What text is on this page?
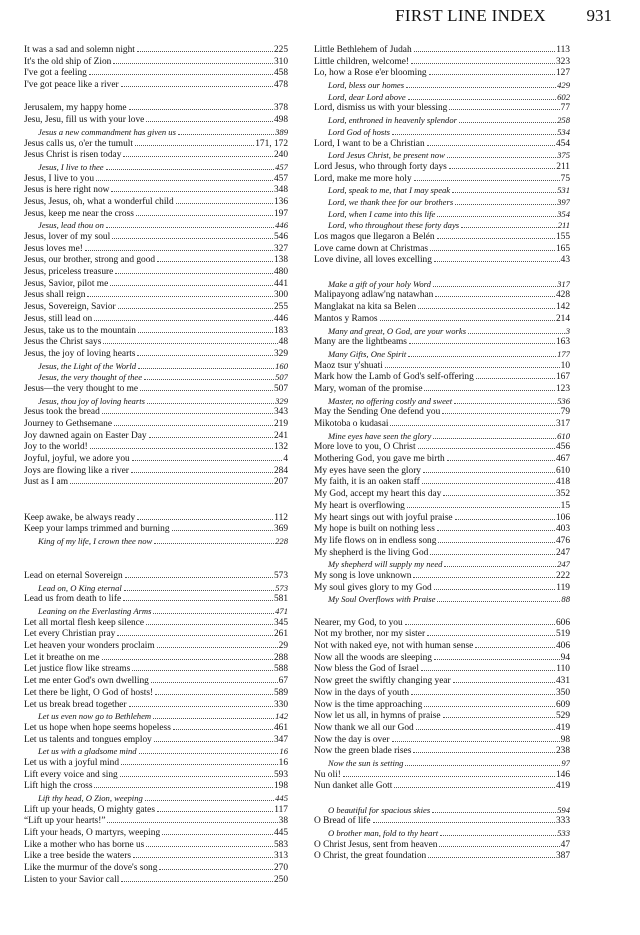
FIRST LINE INDEX 931
It was a sad and solemn night	225
It's the old ship of Zion	310
I've got a feeling	458
I've got peace like a river	478
Jerusalem, my happy home	378
Jesu, Jesu, fill us with your love	498
Jesus a new commandment has given us	389
Jesus calls us, o'er the tumult	171, 172
Jesus Christ is risen today	240
Jesus, I live to thee	457
Jesus, I live to you	457
Jesus is here right now	348
Jesus, Jesus, oh, what a wonderful child	136
Jesus, keep me near the cross	197
Jesus, lead thou on	446
Jesus, lover of my soul	546
Jesus loves me!	327
Jesus, our brother, strong and good	138
Jesus, priceless treasure	480
Jesus, Savior, pilot me	441
Jesus shall reign	300
Jesus, Sovereign, Savior	255
Jesus, still lead on	446
Jesus, take us to the mountain	183
Jesus the Christ says	48
Jesus, the joy of loving hearts	329
Jesus, the Light of the World	160
Jesus, the very thought of thee	507
Jesus—the very thought to me	507
Jesus, thou joy of loving hearts	329
Jesus took the bread	343
Journey to Gethsemane	219
Joy dawned again on Easter Day	241
Joy to the world!	132
Joyful, joyful, we adore you	4
Joys are flowing like a river	284
Just as I am	207
Keep awake, be always ready	112
Keep your lamps trimmed and burning	369
King of my life, I crown thee now	228
Lead on eternal Sovereign	573
Lead on, O King eternal	573
Lead us from death to life	581
Leaning on the Everlasting Arms	471
Let all mortal flesh keep silence	345
Let every Christian pray	261
Let heaven your wonders proclaim	29
Let it breathe on me	288
Let justice flow like streams	588
Let me enter God's own dwelling	67
Let there be light, O God of hosts!	589
Let us break bread together	330
Let us even now go to Bethlehem	142
Let us hope when hope seems hopeless	461
Let us talents and tongues employ	347
Let us with a gladsome mind	16
Let us with a joyful mind	16
Lift every voice and sing	593
Lift high the cross	198
Lift thy head, O Zion, weeping	445
Lift up your heads, O mighty gates	117
“Lift up your hearts!”	38
Lift your heads, O martyrs, weeping	445
Like a mother who has borne us	583
Like a tree beside the waters	313
Like the murmur of the dove's song	270
Listen to your Savior call	250
Little Bethlehem of Judah	113
Little children, welcome!	323
Lo, how a Rose e'er blooming	127
Lord, bless our homes	429
Lord, dear Lord above	602
Lord, dismiss us with your blessing	77
Lord, enthroned in heavenly splendor	258
Lord God of hosts	534
Lord, I want to be a Christian	454
Lord Jesus Christ, be present now	375
Lord Jesus, who through forty days	211
Lord, make me more holy	75
Lord, speak to me, that I may speak	531
Lord, we thank thee for our brothers	397
Lord, when I came into this life	354
Lord, who throughout these forty days	211
Los magos que llegaron a Belén	155
Love came down at Christmas	165
Love divine, all loves excelling	43
Make a gift of your holy Word	317
Malipayong adlaw'ng natawhan	428
Manglakat na kita sa Belen	142
Mantos y Ramos	214
Many and great, O God, are your works	3
Many are the lightbeams	163
Many Gifts, One Spirit	177
Maoz tsur y'shuati	10
Mark how the Lamb of God's self-offering	167
Mary, woman of the promise	123
Master, no offering costly and sweet	536
May the Sending One defend you	79
Mikotoba o kudasai	317
Mine eyes have seen the glory	610
More love to you, O Christ	456
Mothering God, you gave me birth	467
My eyes have seen the glory	610
My faith, it is an oaken staff	418
My God, accept my heart this day	352
My heart is overflowing	15
My heart sings out with joyful praise	106
My hope is built on nothing less	403
My life flows on in endless song	476
My shepherd is the living God	247
My shepherd will supply my need	247
My song is love unknown	222
My soul gives glory to my God	119
My Soul Overflows with Praise	88
Nearer, my God, to you	606
Not my brother, nor my sister	519
Not with naked eye, not with human sense	406
Now all the woods are sleeping	94
Now bless the God of Israel	110
Now greet the swiftly changing year	431
Now in the days of youth	350
Now is the time approaching	609
Now let us all, in hymns of praise	529
Now thank we all our God	419
Now the day is over	98
Now the green blade rises	238
Now the sun is setting	97
Nu oli!	146
Nun danket alle Gott	419
O beautiful for spacious skies	594
O Bread of life	333
O brother man, fold to thy heart	533
O Christ Jesus, sent from heaven	47
O Christ, the great foundation	387
